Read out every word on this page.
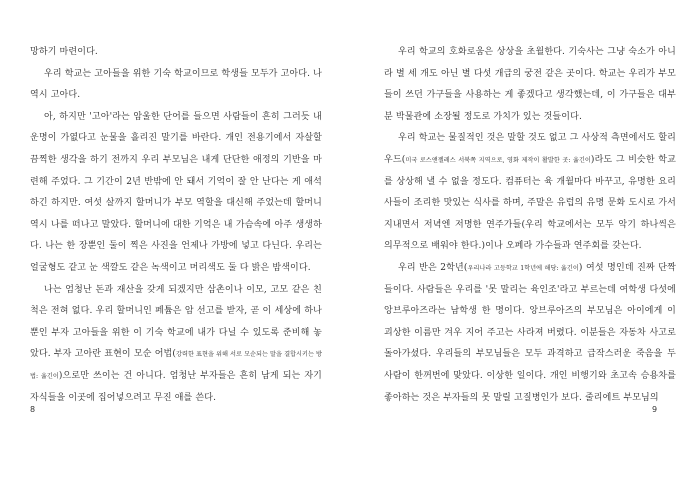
망하기 마련이다.

우리 학교는 고아들을 위한 기숙 학교이므로 학생들 모두가 고아다. 나 역시 고아다.

아, 하지만 '고아'라는 암울한 단어를 들으면 사람들이 흔히 그러듯 내 운명이 가엾다고 눈물을 흘리진 말기를 바란다. 개인 전용기에서 자살할 끔찍한 생각을 하기 전까지 우리 부모님은 내게 단단한 애정의 기반을 마련해 주었다. 그 기간이 2년 반밖에 안 돼서 기억이 잘 안 난다는 게 애석하긴 하지만. 여섯 살까지 할머니가 부모 역할을 대신해 주었는데 할머니 역시 나를 떠나고 말았다. 할머니에 대한 기억은 내 가슴속에 아주 생생하다. 나는 한 장뿐인 둘이 찍은 사진을 언제나 가방에 넣고 다닌다. 우리는 얼굴형도 같고 눈 색깔도 같은 녹색이고 머리색도 둘 다 밝은 밤색이다.

나는 엄청난 돈과 재산을 갖게 되겠지만 삼촌이나 이모, 고모 같은 친척은 전혀 없다. 우리 할머니인 페튬은 암 선고를 받자, 곧 이 세상에 하나뿐인 부자 고아들을 위한 이 기숙 학교에 내가 다닐 수 있도록 준비해 놓았다. 부자 고아란 표현이 모순 어법(강력한 표현을 위해 서로 모순되는 말을 결합시키는 방법: 옮긴이)으로만 쓰이는 건 아니다. 엄청난 부자들은 흔히 남게 되는 자기 자식들을 이곳에 집어넣으려고 무진 애를 쓴다.

8

우리 학교의 호화로움은 상상을 초월한다. 기숙사는 그냥 숙소가 아니라 별 세 개도 아닌 별 다섯 개급의 궁전 같은 곳이다. 학교는 우리가 부모들이 쓰던 가구들을 사용하는 게 좋겠다고 생각했는데, 이 가구들은 대부분 박물관에 소장될 정도로 가치가 있는 것들이다.

우리 학교는 물질적인 것은 말할 것도 없고 그 사상적 측면에서도 할리우드(미국 로스앤젤레스 서북쪽 지역으로, 영화 제작이 활발한 곳: 옮긴이)라도 그 비슷한 학교를 상상해 낼 수 없을 정도다. 컴퓨터는 육 개월마다 바꾸고, 유명한 요리사들이 조리한 맛있는 식사를 하며, 주말은 유럽의 유명 문화 도시로 가서 지내면서 저녁엔 저명한 연주가들(우리 학교에서는 모두 악기 하나씩은 의무적으로 배워야 한다.)이나 오페라 가수들과 연주회를 갖는다.

우리 반은 2학년(우리나라 고등학교 1학년에 해당: 옮긴이) 여섯 명인데 진짜 단짝들이다. 사람들은 우리를 '못 말리는 육인조'라고 부르는데 여학생 다섯에 앙브루아즈라는 남학생 한 명이다. 앙브루아즈의 부모님은 아이에게 이 괴상한 이름만 겨우 지어 주고는 사라져 버렸다. 이분들은 자동차 사고로 돌아가셨다. 우리들의 부모님들은 모두 과격하고 급작스러운 죽음을 두 사람이 한꺼번에 맞았다. 이상한 일이다. 개인 비행기와 초고속 승용차를 좋아하는 것은 부자들의 못 말릴 고질병인가 보다. 줄리에트 부모님의

9
